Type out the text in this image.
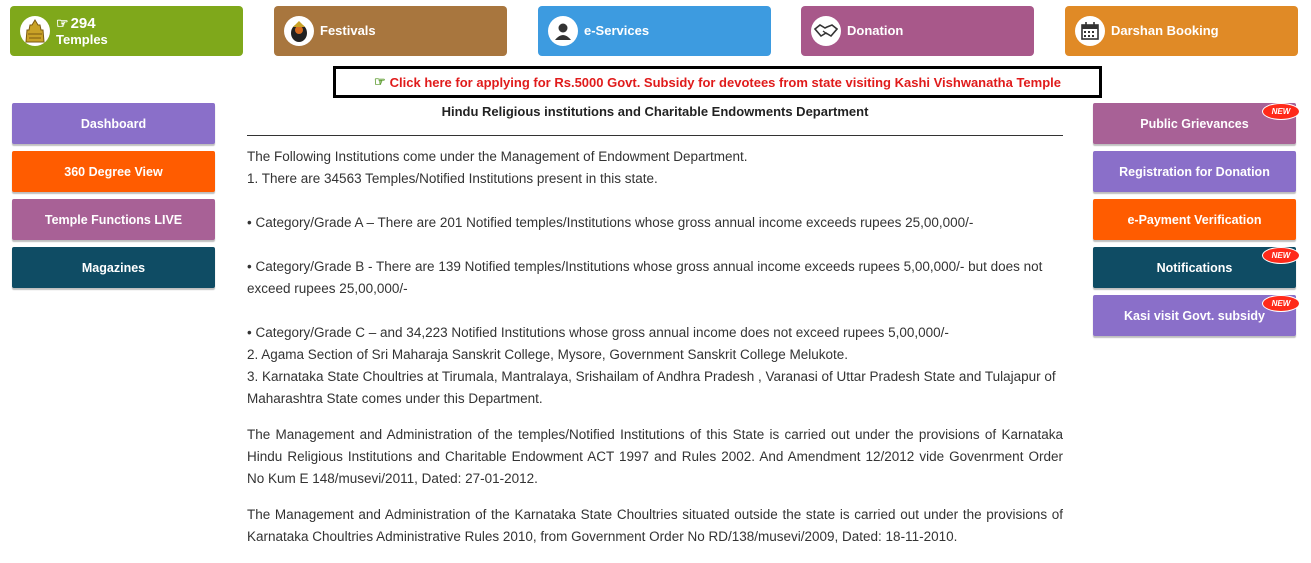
☞ 294
Temples
Festivals	e-Services	Donation	Darshan Booking
☞ Click here for applying for Rs.5000 Govt. Subsidy for devotees from state visiting Kashi Vishwanatha Temple
Dashboard
360 Degree View
Temple Functions LIVE
Magazines
Public Grievances
NEW
Registration for Donation
e-Payment Verification
Notifications
NEW
Kasi visit Govt. subsidy
NEW
Hindu Religious institutions and Charitable Endowments Department

The Following Institutions come under the Management of Endowment Department.

1. There are 34563 Temples/Notified Institutions present in this state.

• Category/Grade A – There are 201 Notified temples/Institutions whose gross annual income exceeds rupees 25,00,000/-

• Category/Grade B - There are 139 Notified temples/Institutions whose gross annual income exceeds rupees 5,00,000/- but does not exceed rupees 25,00,000/-

• Category/Grade C – and 34,223 Notified Institutions whose gross annual income does not exceed rupees 5,00,000/-

2. Agama Section of Sri Maharaja Sanskrit College, Mysore, Government Sanskrit College Melukote.

3. Karnataka State Choultries at Tirumala, Mantralaya, Srishailam of Andhra Pradesh , Varanasi of Uttar Pradesh State and Tulajapur of Maharashtra State comes under this Department.

The Management and Administration of the temples/Notified Institutions of this State is carried out under the provisions of Karnataka Hindu Religious Institutions and Charitable Endowment ACT 1997 and Rules 2002. And Amendment 12/2012 vide Govenrment Order No Kum E 148/musevi/2011, Dated: 27-01-2012.

The Management and Administration of the Karnataka State Choultries situated outside the state is carried out under the provisions of Karnataka Choultries Administrative Rules 2010, from Government Order No RD/138/musevi/2009, Dated: 18-11-2010.
